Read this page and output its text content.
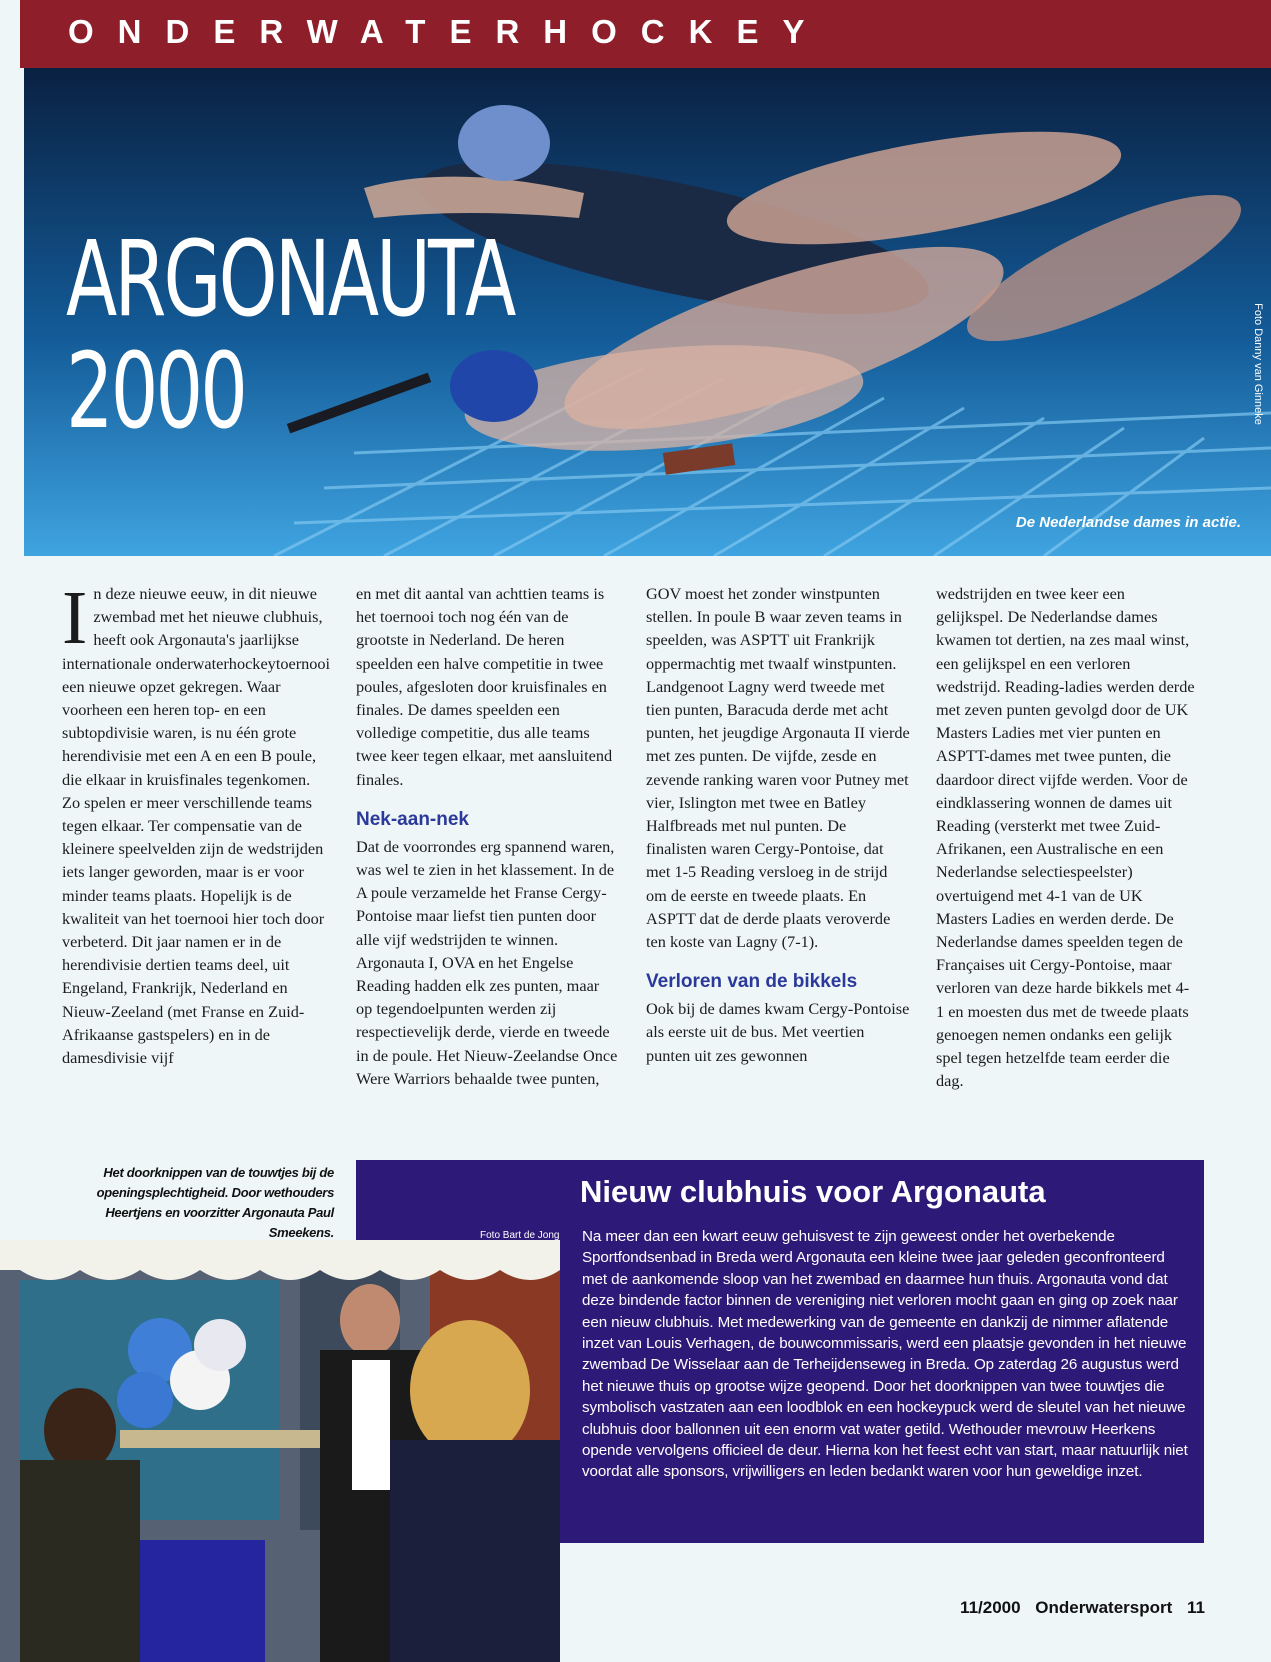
ONDERWATERHOCKEY
ARGONAUTA
2000
De Nederlandse dames in actie.
Foto Danny van Ginneke
I n deze nieuwe eeuw, in dit nieuwe zwembad met het nieuwe clubhuis, heeft ook Argonauta's jaarlijkse internationale onderwaterhockeytoernooi een nieuwe opzet gekregen. Waar voorheen een heren top- en een subtopdivisie waren, is nu één grote herendivisie met een A en een B poule, die elkaar in kruisfinales tegenkomen. Zo spelen er meer verschillende teams tegen elkaar. Ter compensatie van de kleinere speelvelden zijn de wedstrijden iets langer geworden, maar is er voor minder teams plaats. Hopelijk is de kwaliteit van het toernooi hier toch door verbeterd. Dit jaar namen er in de herendivisie dertien teams deel, uit Engeland, Frankrijk, Nederland en Nieuw-Zeeland (met Franse en Zuid-Afrikaanse gastspelers) en in de damesdivisie vijf

en met dit aantal van achttien teams is het toernooi toch nog één van de grootste in Nederland. De heren speelden een halve competitie in twee poules, afgesloten door kruisfinales en finales. De dames speelden een volledige competitie, dus alle teams twee keer tegen elkaar, met aansluitend finales.

Nek-aan-nek

Dat de voorrondes erg spannend waren, was wel te zien in het klassement. In de A poule verzamelde het Franse Cergy-Pontoise maar liefst tien punten door alle vijf wedstrijden te winnen. Argonauta I, OVA en het Engelse Reading hadden elk zes punten, maar op tegendoelpunten werden zij respectievelijk derde, vierde en tweede in de poule. Het Nieuw-Zeelandse Once Were Warriors behaalde twee punten,

GOV moest het zonder winstpunten stellen. In poule B waar zeven teams in speelden, was ASPTT uit Frankrijk oppermachtig met twaalf winstpunten. Landgenoot Lagny werd tweede met tien punten, Baracuda derde met acht punten, het jeugdige Argonauta II vierde met zes punten. De vijfde, zesde en zevende ranking waren voor Putney met vier, Islington met twee en Batley Halfbreads met nul punten. De finalisten waren Cergy-Pontoise, dat met 1-5 Reading versloeg in de strijd om de eerste en tweede plaats. En ASPTT dat de derde plaats veroverde ten koste van Lagny (7-1).

Verloren van de bikkels

Ook bij de dames kwam Cergy-Pontoise als eerste uit de bus. Met veertien punten uit zes gewonnen

wedstrijden en twee keer een gelijkspel. De Nederlandse dames kwamen tot dertien, na zes maal winst, een gelijkspel en een verloren wedstrijd. Reading-ladies werden derde met zeven punten gevolgd door de UK Masters Ladies met vier punten en ASPTT-dames met twee punten, die daardoor direct vijfde werden. Voor de eindklassering wonnen de dames uit Reading (versterkt met twee Zuid-Afrikanen, een Australische en een Nederlandse selectiespeelster) overtuigend met 4-1 van de UK Masters Ladies en werden derde. De Nederlandse dames speelden tegen de Françaises uit Cergy-Pontoise, maar verloren van deze harde bikkels met 4-1 en moesten dus met de tweede plaats genoegen nemen ondanks een gelijk spel tegen hetzelfde team eerder die dag.

Het doorknippen van de touwtjes bij de openingsplechtigheid. Door wethouders Heertjens en voorzitter Argonauta Paul Smeekens.	Foto Bart de Jong
Nieuw clubhuis voor Argonauta
Na meer dan een kwart eeuw gehuisvest te zijn geweest onder het overbekende Sportfondsenbad in Breda werd Argonauta een kleine twee jaar geleden geconfronteerd met de aankomende sloop van het zwembad en daarmee hun thuis. Argonauta vond dat deze bindende factor binnen de vereniging niet verloren mocht gaan en ging op zoek naar een nieuw clubhuis. Met medewerking van de gemeente en dankzij de nimmer aflatende inzet van Louis Verhagen, de bouwcommissaris, werd een plaatsje gevonden in het nieuwe zwembad De Wisselaar aan de Terheijdenseweg in Breda. Op zaterdag 26 augustus werd het nieuwe thuis op grootse wijze geopend. Door het doorknippen van twee touwtjes die symbolisch vastzaten aan een loodblok en een hockeypuck werd de sleutel van het nieuwe clubhuis door ballonnen uit een enorm vat water getild. Wethouder mevrouw Heerkens opende vervolgens officieel de deur. Hierna kon het feest echt van start, maar natuurlijk niet voordat alle sponsors, vrijwilligers en leden bedankt waren voor hun geweldige inzet.
11/2000 Onderwatersport 11
